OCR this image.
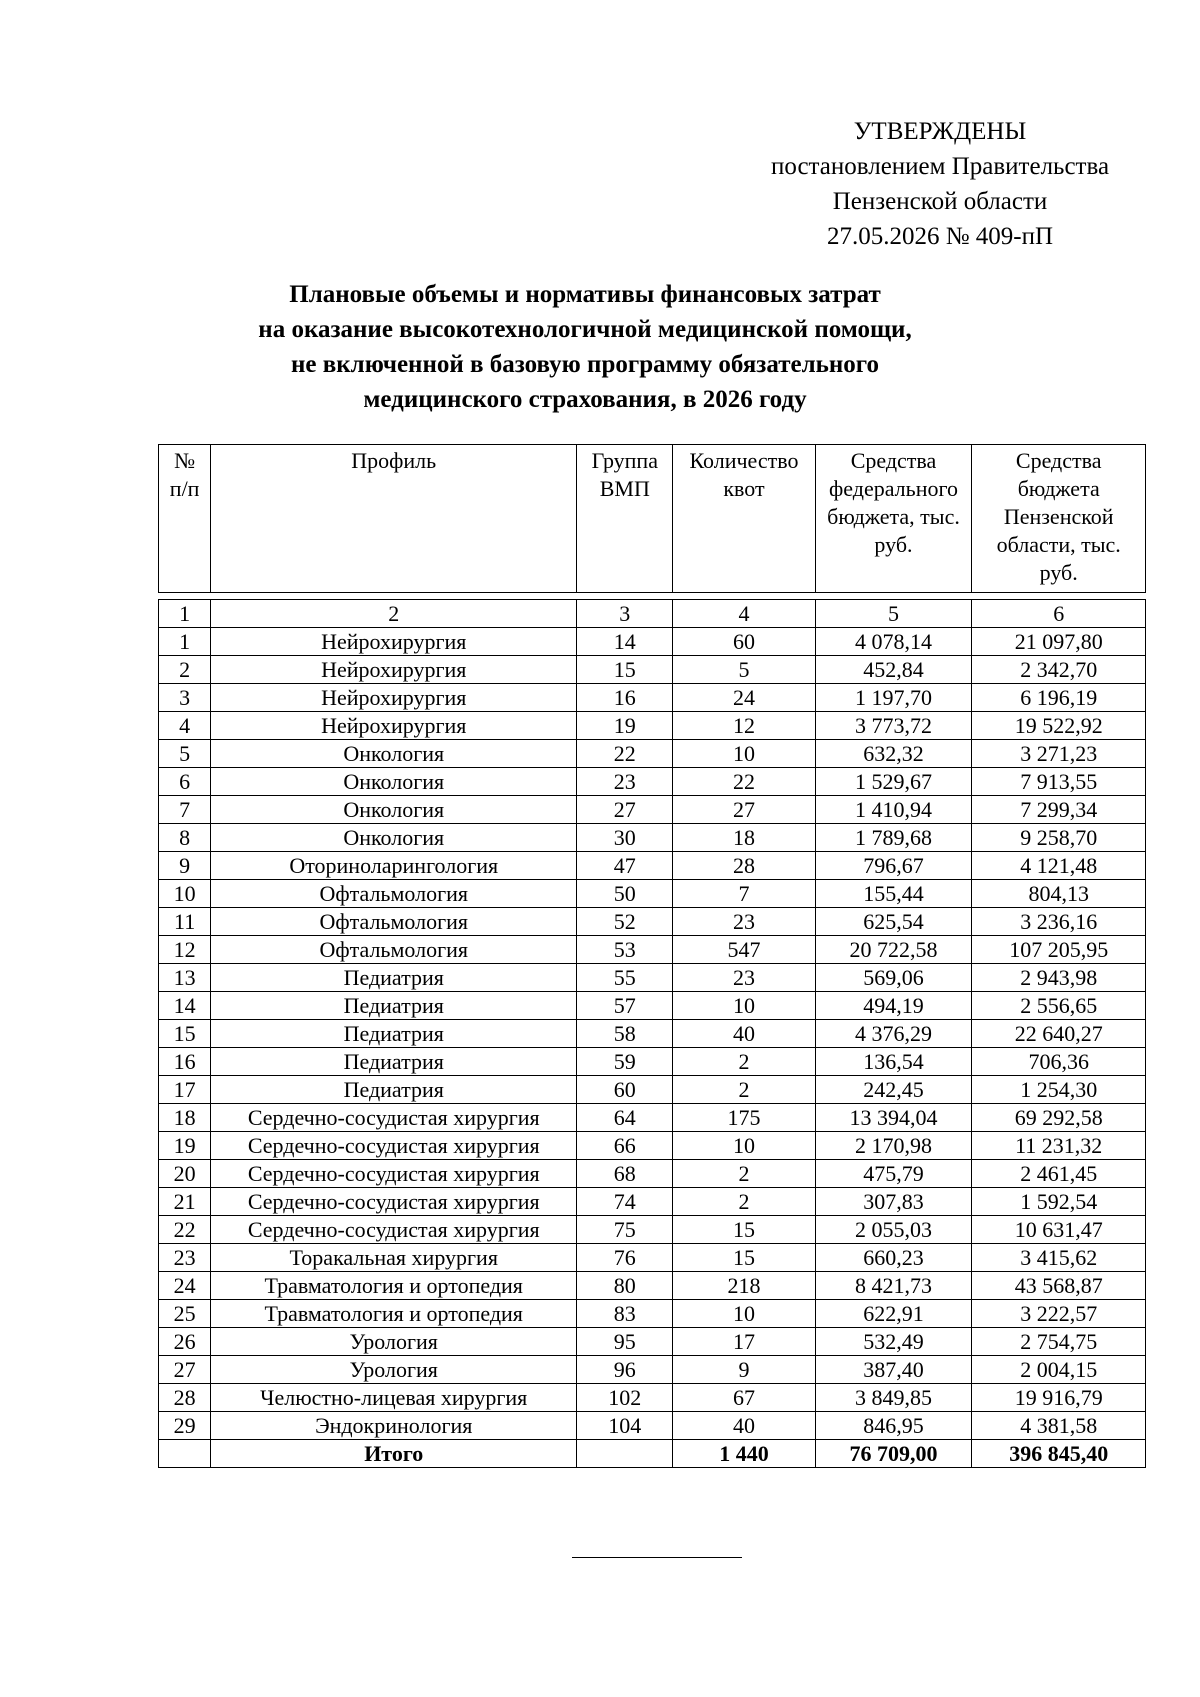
УТВЕРЖДЕНЫ
постановлением Правительства
Пензенской области
27.05.2026 № 409-пП
Плановые объемы и нормативы финансовых затрат
на оказание высокотехнологичной медицинской помощи,
не включенной в базовую программу обязательного
медицинского страхования, в 2026 году
№ п/п	Профиль	Группа ВМП	Количество квот	Средства федерального бюджета, тыс. руб.	Средства бюджета Пензенской области, тыс. руб.

1	2	3	4	5	6
1	Нейрохирургия	14	60	4 078,14	21 097,80
2	Нейрохирургия	15	5	452,84	2 342,70
3	Нейрохирургия	16	24	1 197,70	6 196,19
4	Нейрохирургия	19	12	3 773,72	19 522,92
5	Онкология	22	10	632,32	3 271,23
6	Онкология	23	22	1 529,67	7 913,55
7	Онкология	27	27	1 410,94	7 299,34
8	Онкология	30	18	1 789,68	9 258,70
9	Оториноларингология	47	28	796,67	4 121,48
10	Офтальмология	50	7	155,44	804,13
11	Офтальмология	52	23	625,54	3 236,16
12	Офтальмология	53	547	20 722,58	107 205,95
13	Педиатрия	55	23	569,06	2 943,98
14	Педиатрия	57	10	494,19	2 556,65
15	Педиатрия	58	40	4 376,29	22 640,27
16	Педиатрия	59	2	136,54	706,36
17	Педиатрия	60	2	242,45	1 254,30
18	Сердечно-сосудистая хирургия	64	175	13 394,04	69 292,58
19	Сердечно-сосудистая хирургия	66	10	2 170,98	11 231,32
20	Сердечно-сосудистая хирургия	68	2	475,79	2 461,45
21	Сердечно-сосудистая хирургия	74	2	307,83	1 592,54
22	Сердечно-сосудистая хирургия	75	15	2 055,03	10 631,47
23	Торакальная хирургия	76	15	660,23	3 415,62
24	Травматология и ортопедия	80	218	8 421,73	43 568,87
25	Травматология и ортопедия	83	10	622,91	3 222,57
26	Урология	95	17	532,49	2 754,75
27	Урология	96	9	387,40	2 004,15
28	Челюстно-лицевая хирургия	102	67	3 849,85	19 916,79
29	Эндокринология	104	40	846,95	4 381,58
	Итого		1 440	76 709,00	396 845,40
